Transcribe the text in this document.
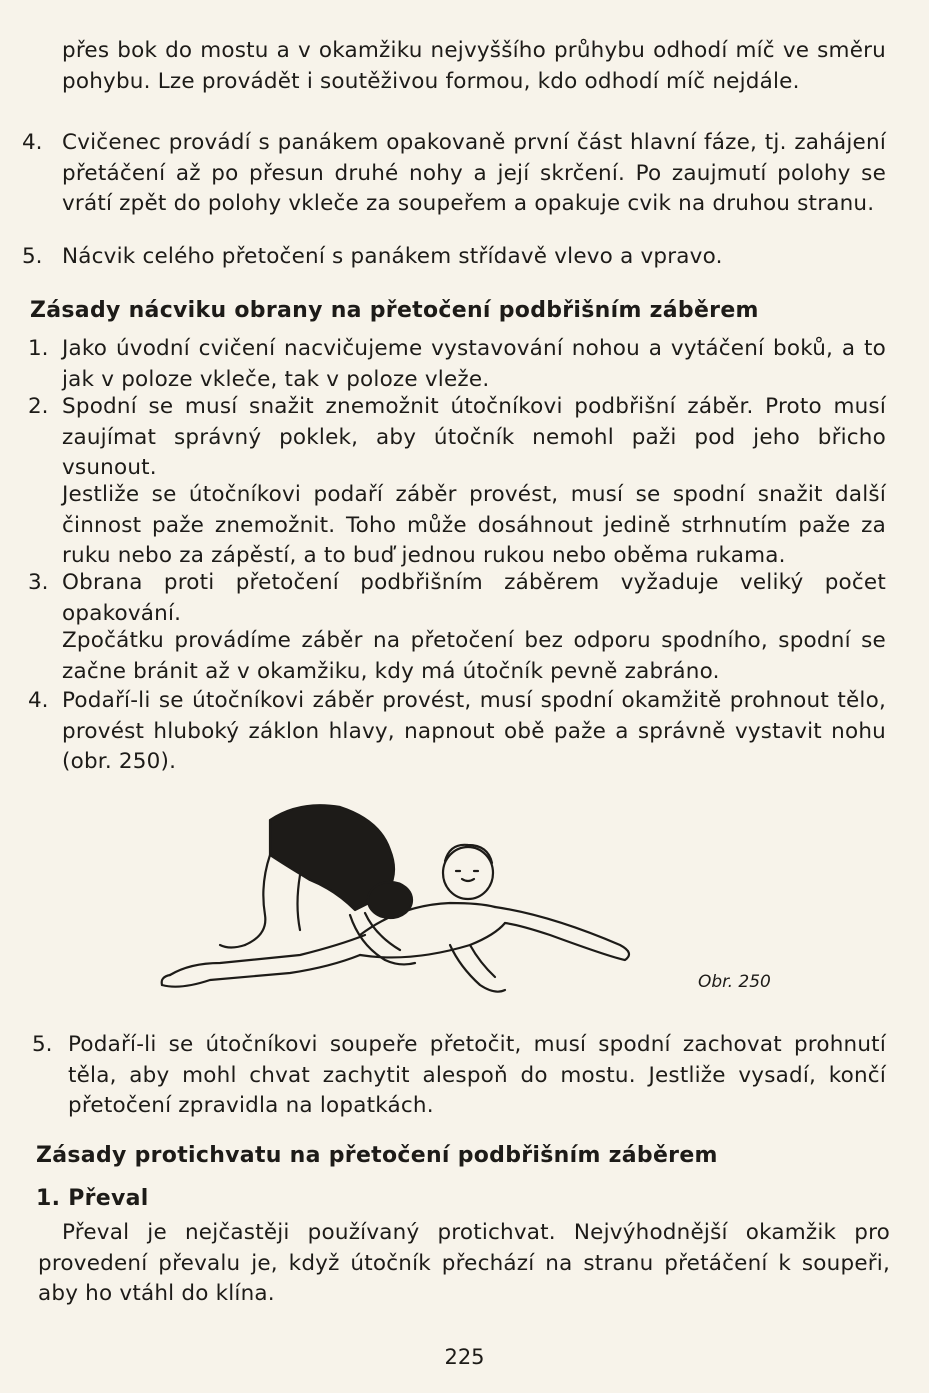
přes bok do mostu a v okamžiku nejvyššího průhybu odhodí míč ve směru pohybu. Lze provádět i soutěživou formou, kdo odhodí míč nejdále.
4. Cvičenec provádí s panákem opakovaně první část hlavní fáze, tj. zahájení přetáčení až po přesun druhé nohy a její skrčení. Po zaujmutí polohy se vrátí zpět do polohy vkleče za soupeřem a opakuje cvik na druhou stranu.
5. Nácvik celého přetočení s panákem střídavě vlevo a vpravo.
Zásady nácviku obrany na přetočení podbřišním záběrem
1. Jako úvodní cvičení nacvičujeme vystavování nohou a vytáčení boků, a to jak v poloze vkleče, tak v poloze vleže.
2. Spodní se musí snažit znemožnit útočníkovi podbřišní záběr. Proto musí zaujímat správný poklek, aby útočník nemohl paži pod jeho břicho vsunout.
Jestliže se útočníkovi podaří záběr provést, musí se spodní snažit další činnost paže znemožnit. Toho může dosáhnout jedině strhnutím paže za ruku nebo za zápěstí, a to buď jednou rukou nebo oběma rukama.
3. Obrana proti přetočení podbřišním záběrem vyžaduje veliký počet opakování.
Zpočátku provádíme záběr na přetočení bez odporu spodního, spodní se začne bránit až v okamžiku, kdy má útočník pevně zabráno.
4. Podaří-li se útočníkovi záběr provést, musí spodní okamžitě prohnout tělo, provést hluboký záklon hlavy, napnout obě paže a správně vystavit nohu (obr. 250).
Obr. 250
5. Podaří-li se útočníkovi soupeře přetočit, musí spodní zachovat prohnutí těla, aby mohl chvat zachytit alespoň do mostu. Jestliže vysadí, končí přetočení zpravidla na lopatkách.
Zásady protichvatu na přetočení podbřišním záběrem
1. Převal
Převal je nejčastěji používaný protichvat. Nejvýhodnější okamžik pro provedení převalu je, když útočník přechází na stranu přetáčení k soupeři, aby ho vtáhl do klína.
225
